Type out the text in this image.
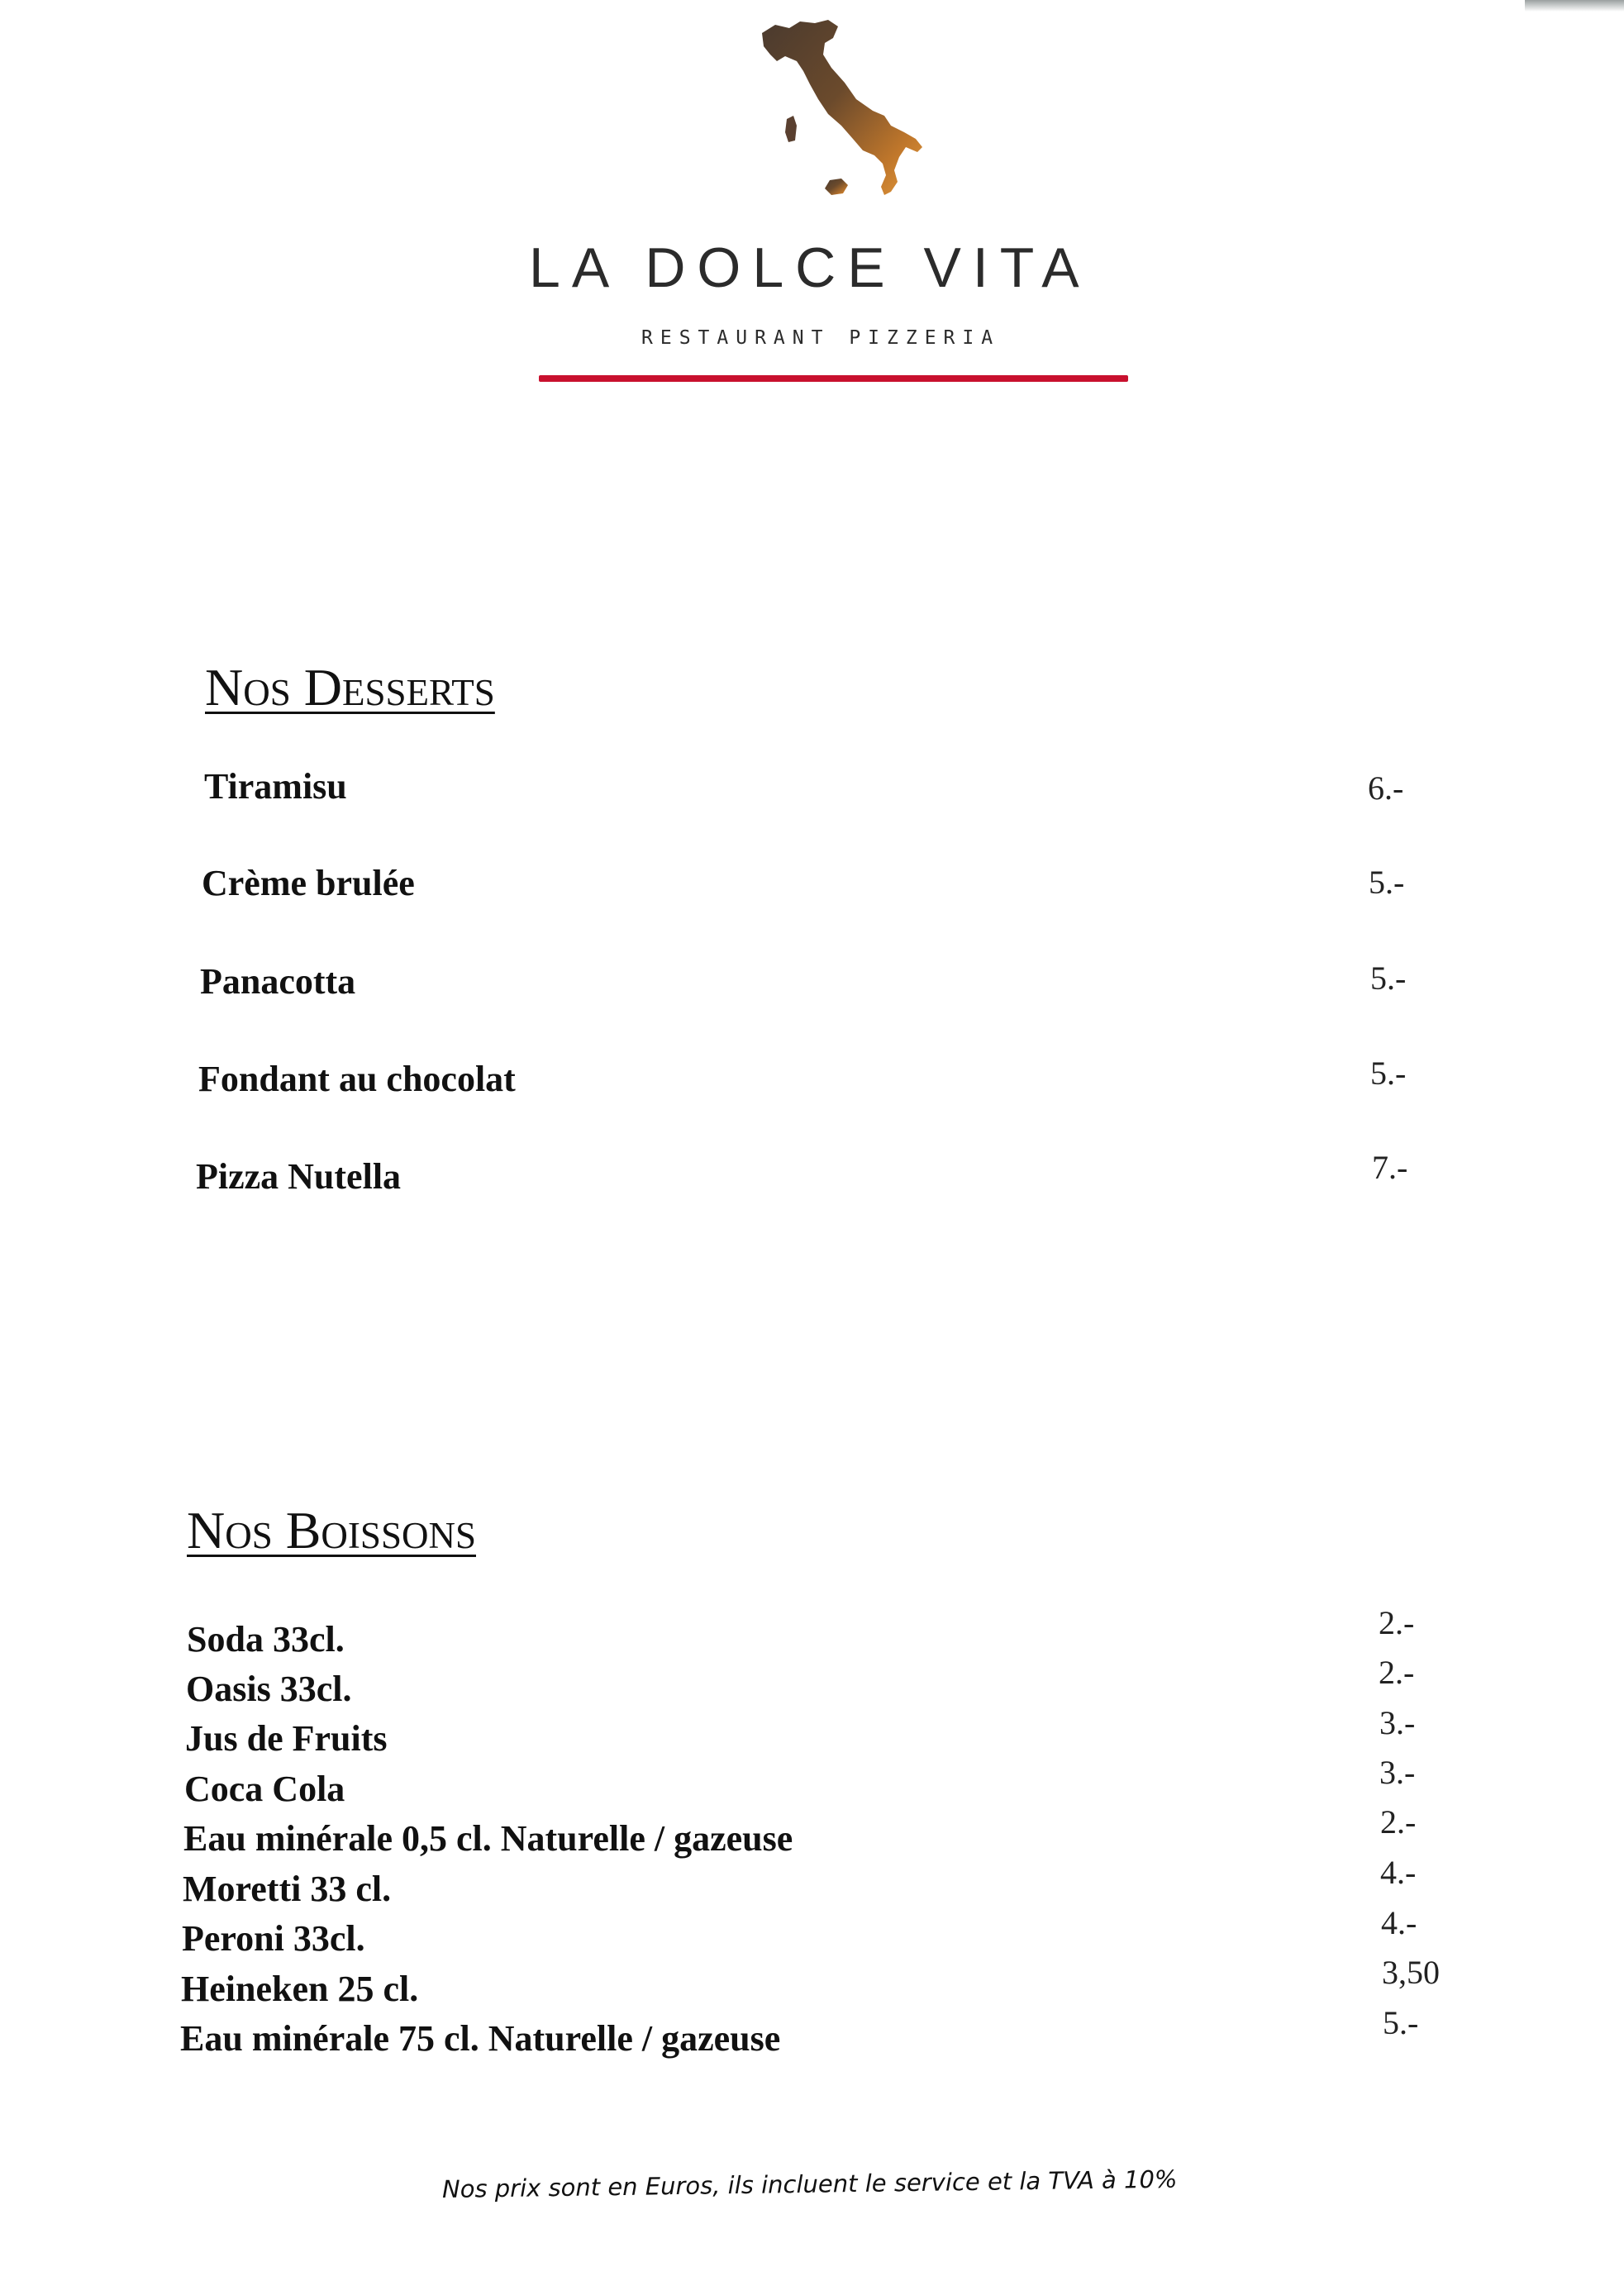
LA DOLCE VITA
RESTAURANT PIZZERIA
Nos Desserts
Tiramisu	6.-
Crème brulée	5.-
Panacotta	5.-
Fondant au chocolat	5.-
Pizza Nutella	7.-
Nos Boissons
Soda 33cl.	2.-
Oasis 33cl.	2.-
Jus de Fruits	3.-
Coca Cola	3.-
Eau minérale 0,5 cl. Naturelle / gazeuse	2.-
Moretti 33 cl.	4.-
Peroni 33cl.	4.-
Heineken 25 cl.	3,50
Eau minérale 75 cl. Naturelle / gazeuse	5.-
Nos prix sont en Euros, ils incluent le service et la TVA à 10%
